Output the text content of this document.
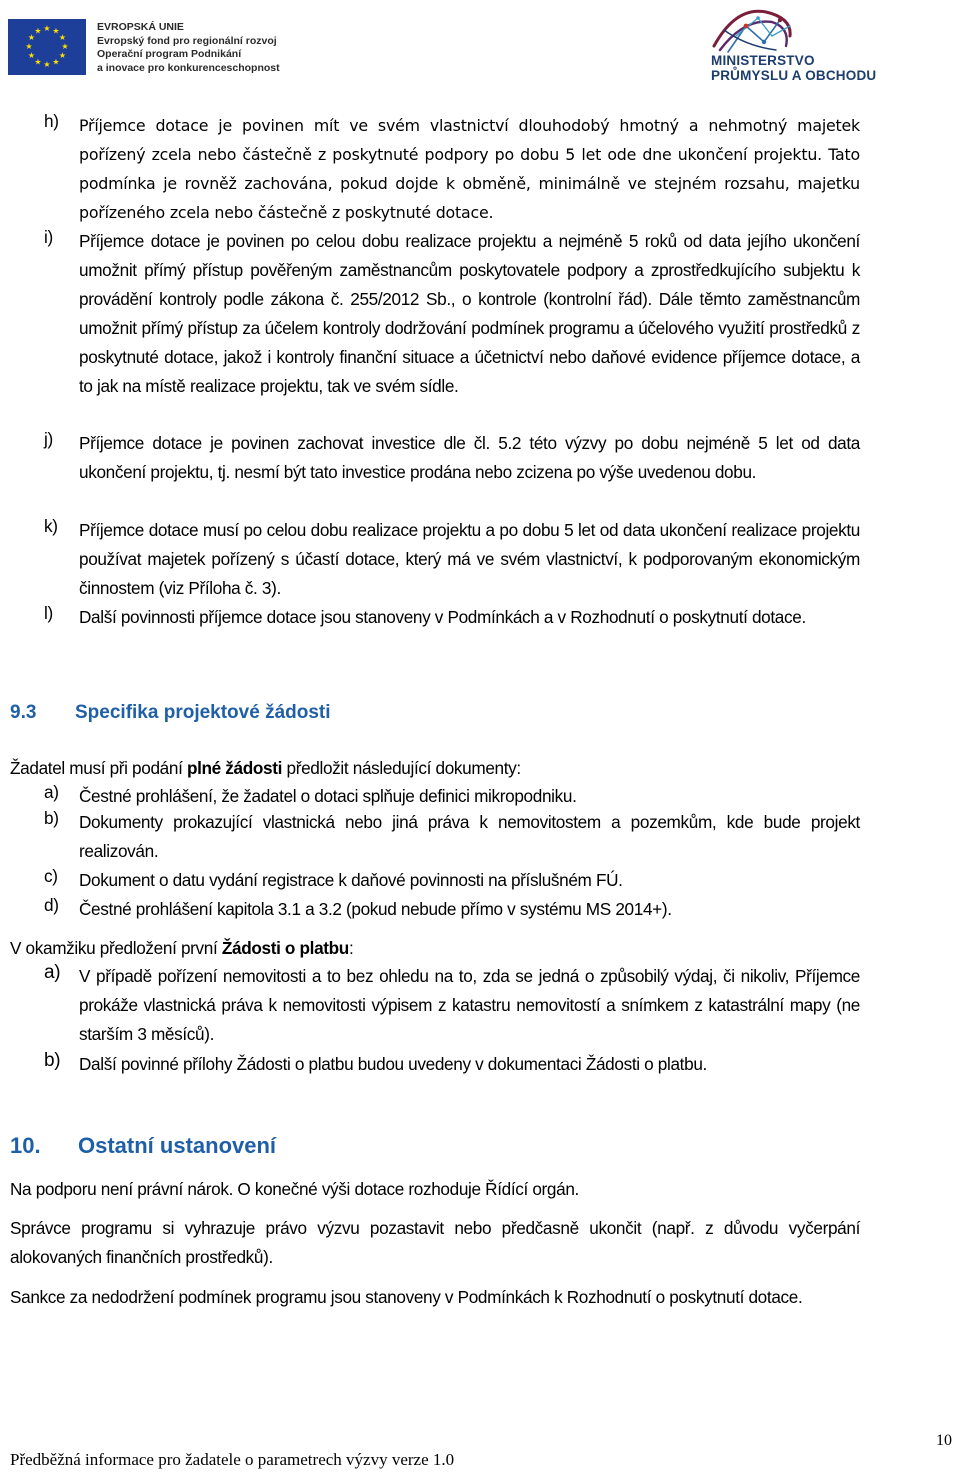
★ ★
★
★
★
★
★
★
★
★
★
★	EVROPSKÁ UNIE
Evropský fond pro regionální rozvoj
Operační program Podnikání
a inovace pro konkurenceschopnost	MINISTERSTVO
PRŮMYSLU A OBCHODU
h) Příjemce dotace je povinen mít ve svém vlastnictví dlouhodobý hmotný a nehmotný majetek pořízený zcela nebo částečně z poskytnuté podpory po dobu 5 let ode dne ukončení projektu. Tato podmínka je rovněž zachována, pokud dojde k obměně, minimálně ve stejném rozsahu, majetku pořízeného zcela nebo částečně z poskytnuté dotace.
i) Příjemce dotace je povinen po celou dobu realizace projektu a nejméně 5 roků od data jejího ukončení umožnit přímý přístup pověřeným zaměstnancům poskytovatele podpory a zprostředkujícího subjektu k provádění kontroly podle zákona č. 255/2012 Sb., o kontrole (kontrolní řád). Dále těmto zaměstnancům umožnit přímý přístup za účelem kontroly dodržování podmínek programu a účelového využití prostředků z poskytnuté dotace, jakož i kontroly finanční situace a účetnictví nebo daňové evidence příjemce dotace, a to jak na místě realizace projektu, tak ve svém sídle.
j) Příjemce dotace je povinen zachovat investice dle čl. 5.2 této výzvy po dobu nejméně 5 let od data ukončení projektu, tj. nesmí být tato investice prodána nebo zcizena po výše uvedenou dobu.
k) Příjemce dotace musí po celou dobu realizace projektu a po dobu 5 let od data ukončení realizace projektu používat majetek pořízený s účastí dotace, který má ve svém vlastnictví, k podporovaným ekonomickým činnostem (viz Příloha č. 3).
l) Další povinnosti příjemce dotace jsou stanoveny v Podmínkách a v Rozhodnutí o poskytnutí dotace.
9.3 Specifika projektové žádosti
Žadatel musí při podání plné žádosti předložit následující dokumenty:
a) Čestné prohlášení, že žadatel o dotaci splňuje definici mikropodniku.
b) Dokumenty prokazující vlastnická nebo jiná práva k nemovitostem a pozemkům, kde bude projekt realizován.
c) Dokument o datu vydání registrace k daňové povinnosti na příslušném FÚ.
d) Čestné prohlášení kapitola 3.1 a 3.2 (pokud nebude přímo v systému MS 2014+).
V okamžiku předložení první Žádosti o platbu:
a) V případě pořízení nemovitosti a to bez ohledu na to, zda se jedná o způsobilý výdaj, či nikoliv, Příjemce prokáže vlastnická práva k nemovitosti výpisem z katastru nemovitostí a snímkem z katastrální mapy (ne starším 3 měsíců).
b) Další povinné přílohy Žádosti o platbu budou uvedeny v dokumentaci Žádosti o platbu.
10. Ostatní ustanovení
Na podporu není právní nárok. O konečné výši dotace rozhoduje Řídící orgán.
Správce programu si vyhrazuje právo výzvu pozastavit nebo předčasně ukončit (např. z důvodu vyčerpání alokovaných finančních prostředků).
Sankce za nedodržení podmínek programu jsou stanoveny v Podmínkách k Rozhodnutí o poskytnutí dotace.
10
Předběžná informace pro žadatele o parametrech výzvy verze 1.0
